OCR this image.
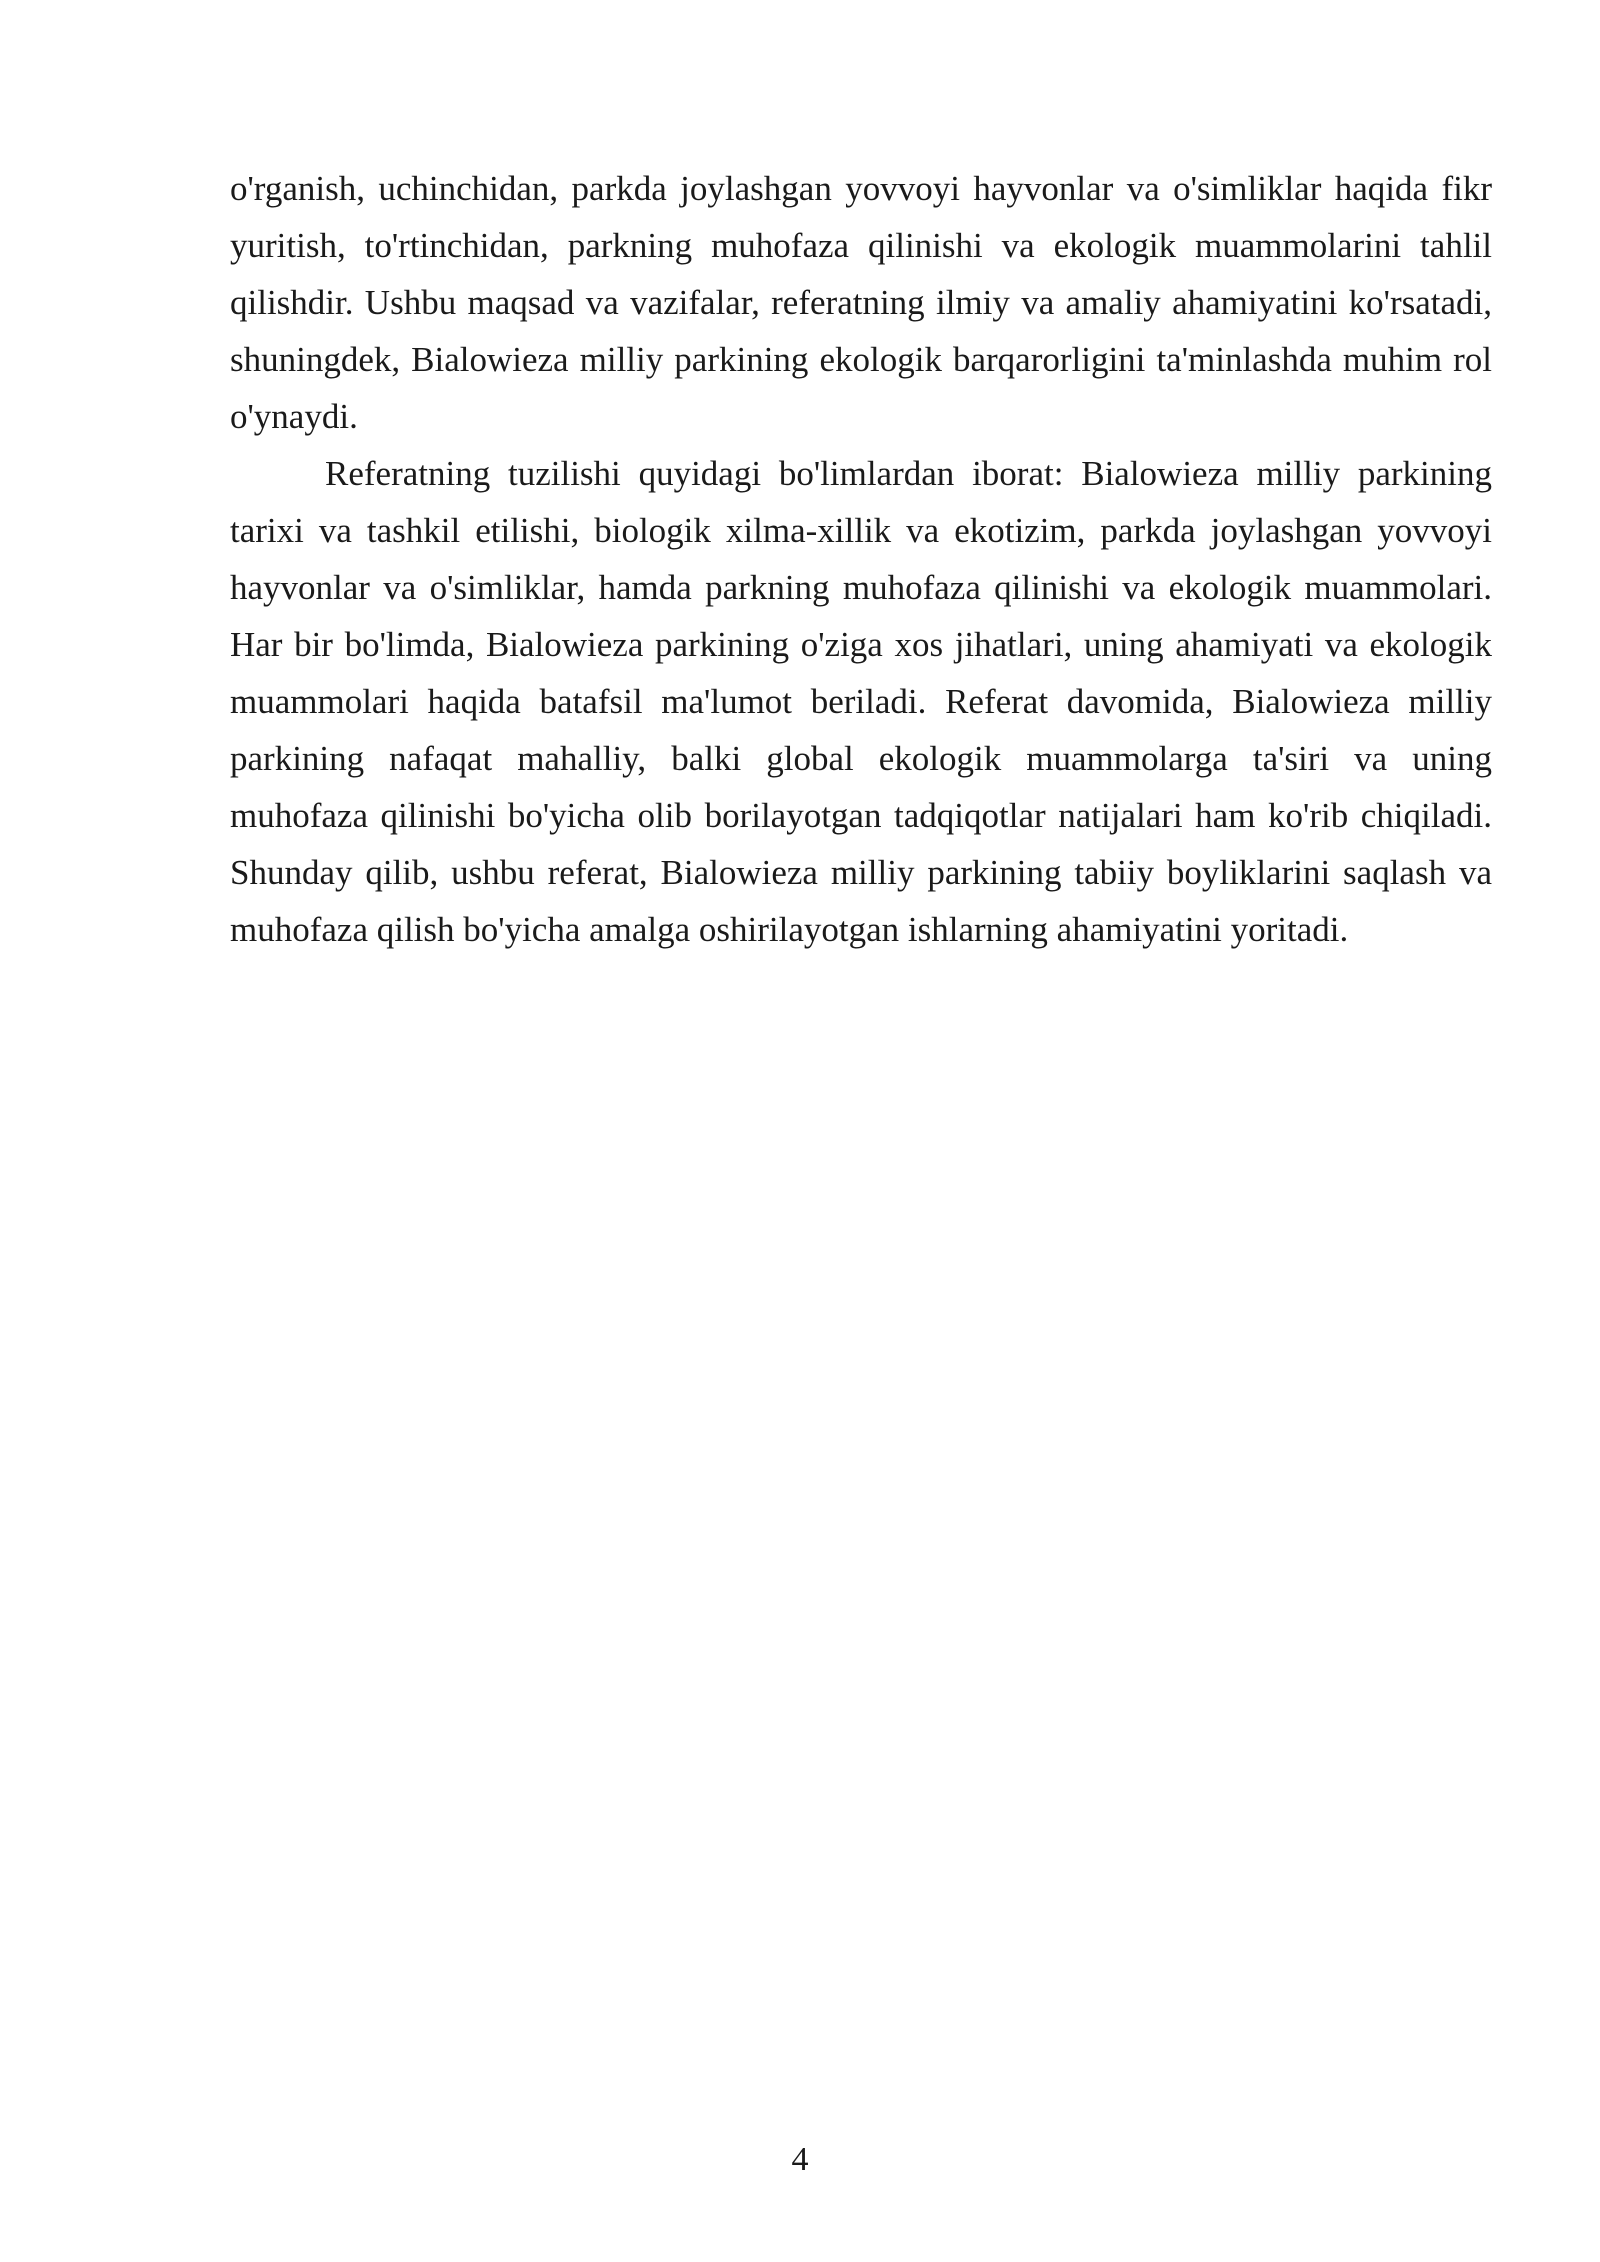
o'rganish, uchinchidan, parkda joylashgan yovvoyi hayvonlar va o'simliklar haqida fikr yuritish, to'rtinchidan, parkning muhofaza qilinishi va ekologik muammolarini tahlil qilishdir. Ushbu maqsad va vazifalar, referatning ilmiy va amaliy ahamiyatini ko'rsatadi, shuningdek, Bialowieza milliy parkining ekologik barqarorligini ta'minlashda muhim rol o'ynaydi.

Referatning tuzilishi quyidagi bo'limlardan iborat: Bialowieza milliy parkining tarixi va tashkil etilishi, biologik xilma-xillik va ekotizim, parkda joylashgan yovvoyi hayvonlar va o'simliklar, hamda parkning muhofaza qilinishi va ekologik muammolari. Har bir bo'limda, Bialowieza parkining o'ziga xos jihatlari, uning ahamiyati va ekologik muammolari haqida batafsil ma'lumot beriladi. Referat davomida, Bialowieza milliy parkining nafaqat mahalliy, balki global ekologik muammolarga ta'siri va uning muhofaza qilinishi bo'yicha olib borilayotgan tadqiqotlar natijalari ham ko'rib chiqiladi. Shunday qilib, ushbu referat, Bialowieza milliy parkining tabiiy boyliklarini saqlash va muhofaza qilish bo'yicha amalga oshirilayotgan ishlarning ahamiyatini yoritadi.

4
